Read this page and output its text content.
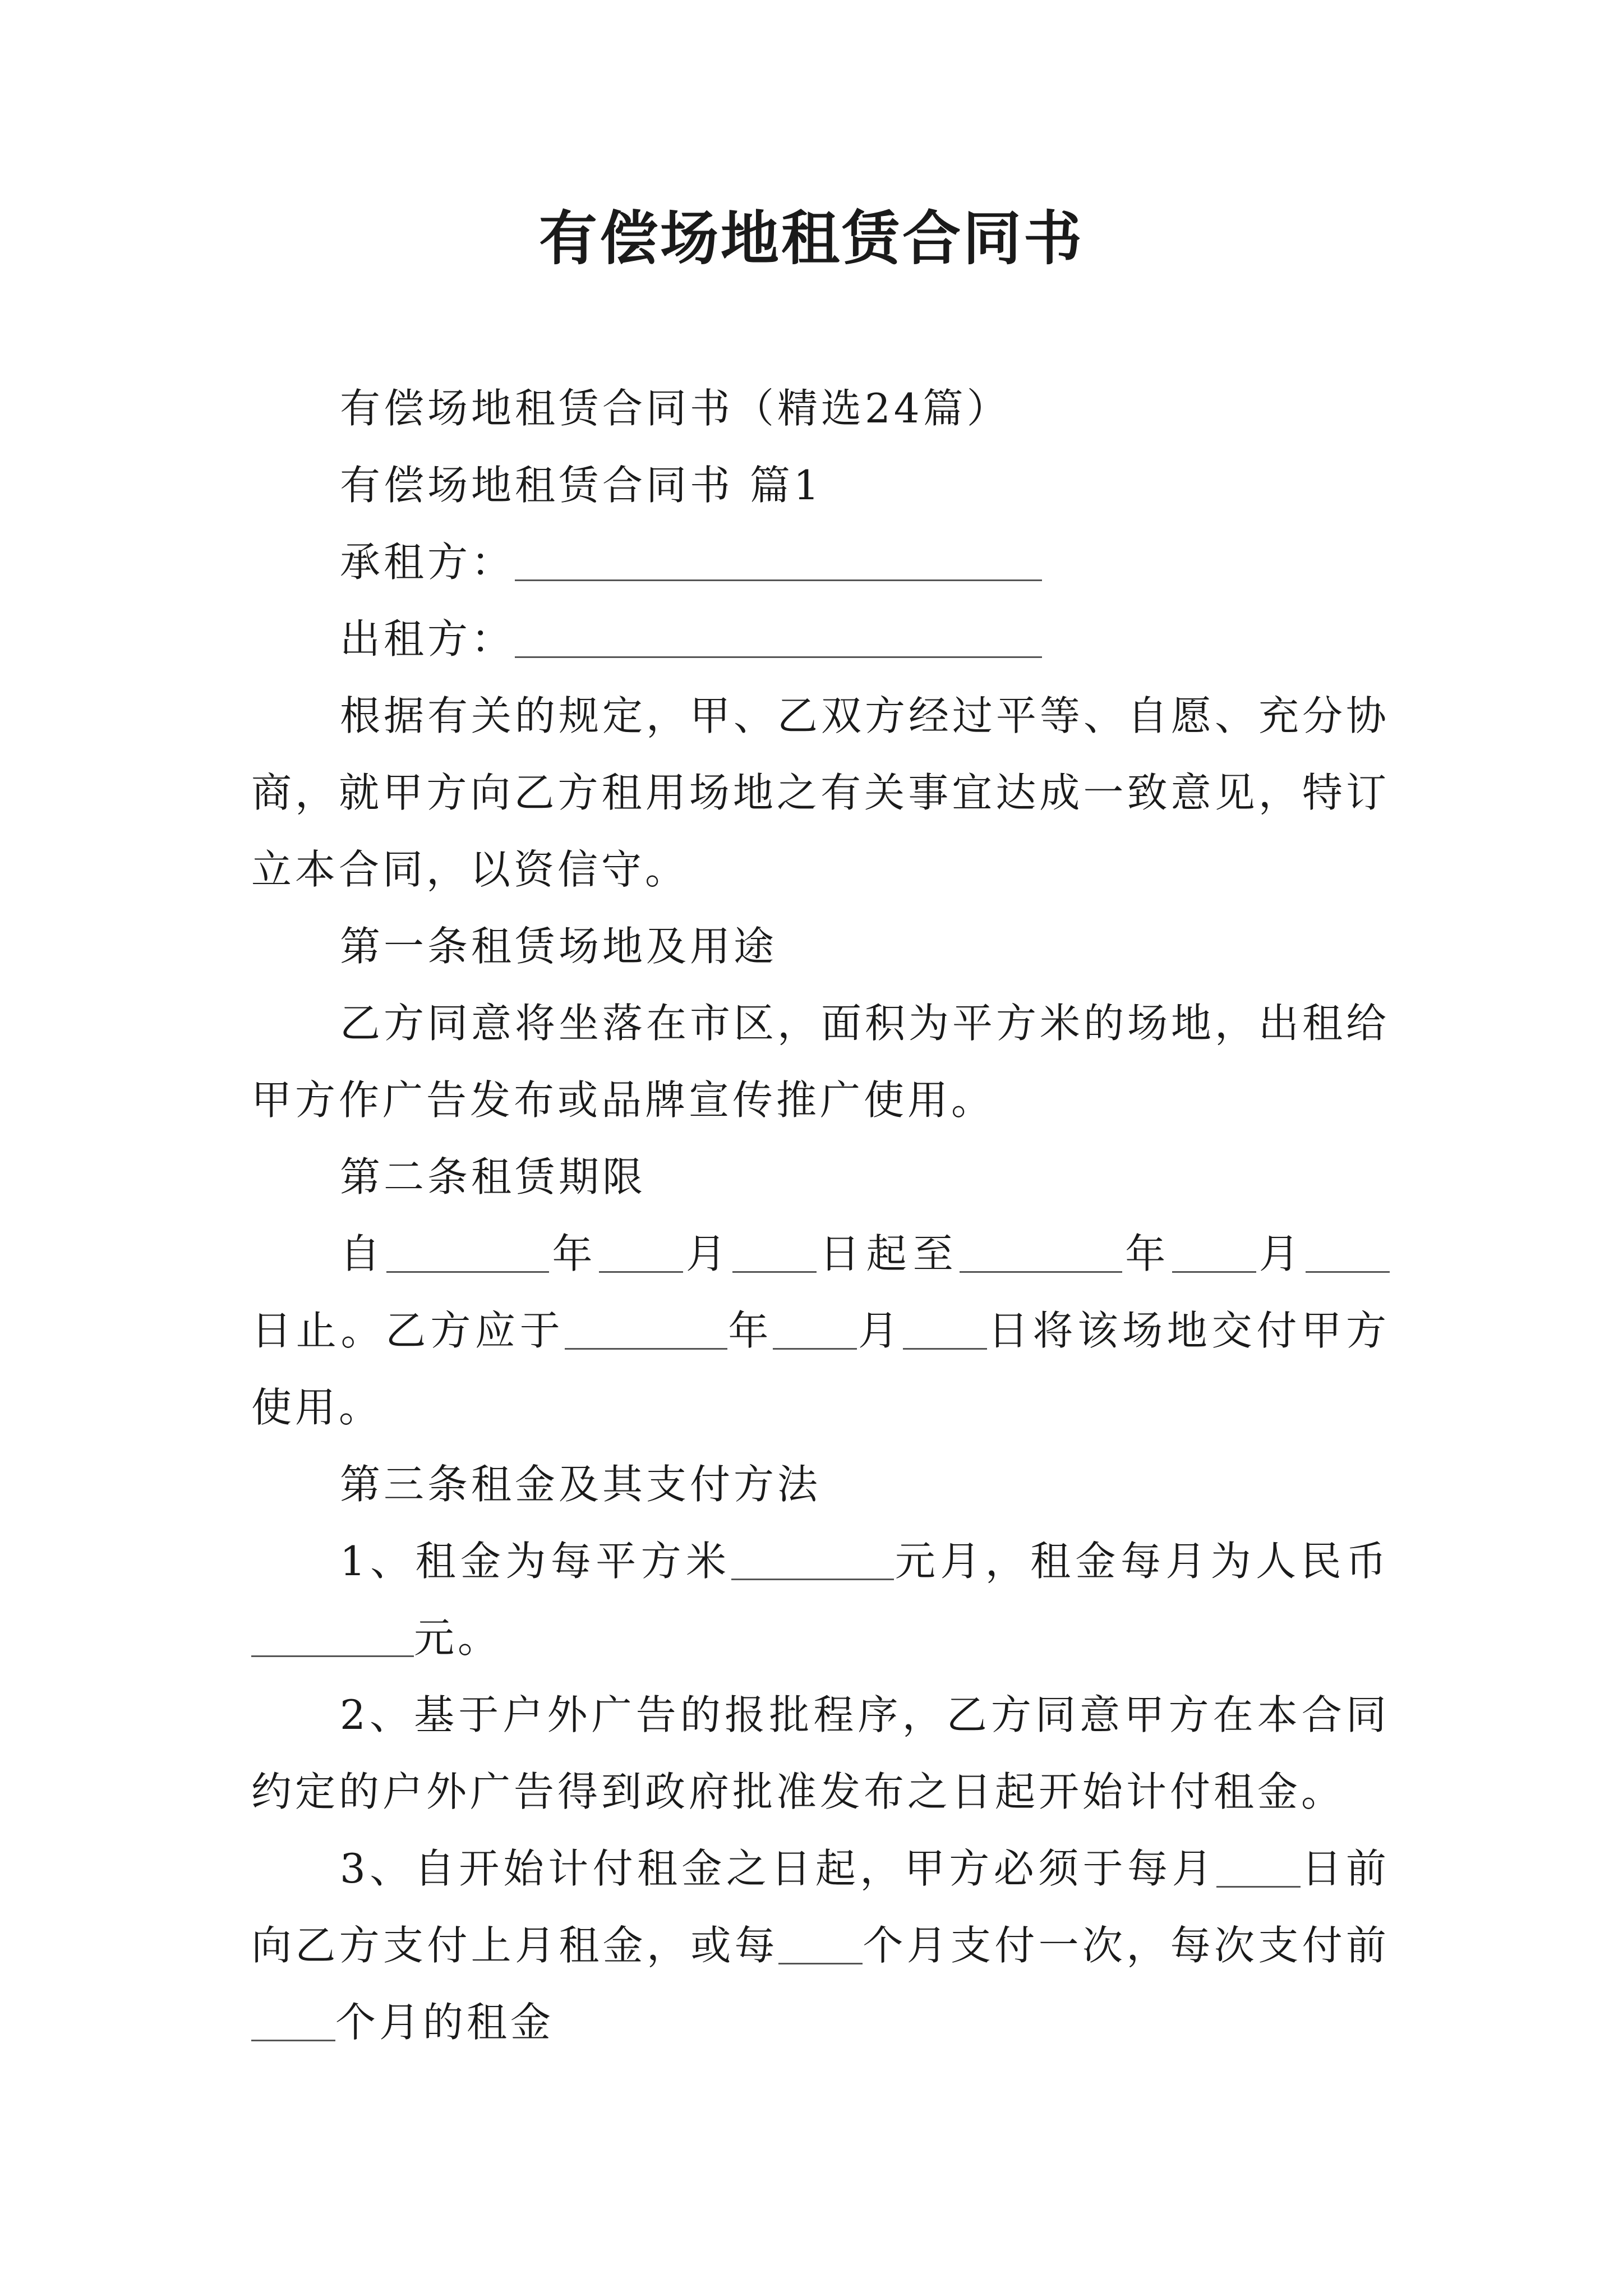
有偿场地租赁合同书

有偿场地租赁合同书（精选24篇）

有偿场地租赁合同书 篇1

承租方：

出租方：

根据有关的规定，甲、乙双方经过平等、自愿、充分协商，就甲方向乙方租用场地之有关事宜达成一致意见，特订立本合同，以资信守。

第一条租赁场地及用途

乙方同意将坐落在市区，面积为平方米的场地，出租给甲方作广告发布或品牌宣传推广使用。

第二条租赁期限

自	年 月 日起至	年 月日止。乙方应于	年 月 日将该场地交付甲方使用。

第三条租金及其支付方法

1、租金为每平方米	元月，租金每月为人民币元。

2、基于户外广告的报批程序，乙方同意甲方在本合同约定的户外广告得到政府批准发布之日起开始计付租金。

3、自开始计付租金之日起，甲方必须于每月 日前向乙方支付上月租金，或每 个月支付一次，每次支付前个月的租金
